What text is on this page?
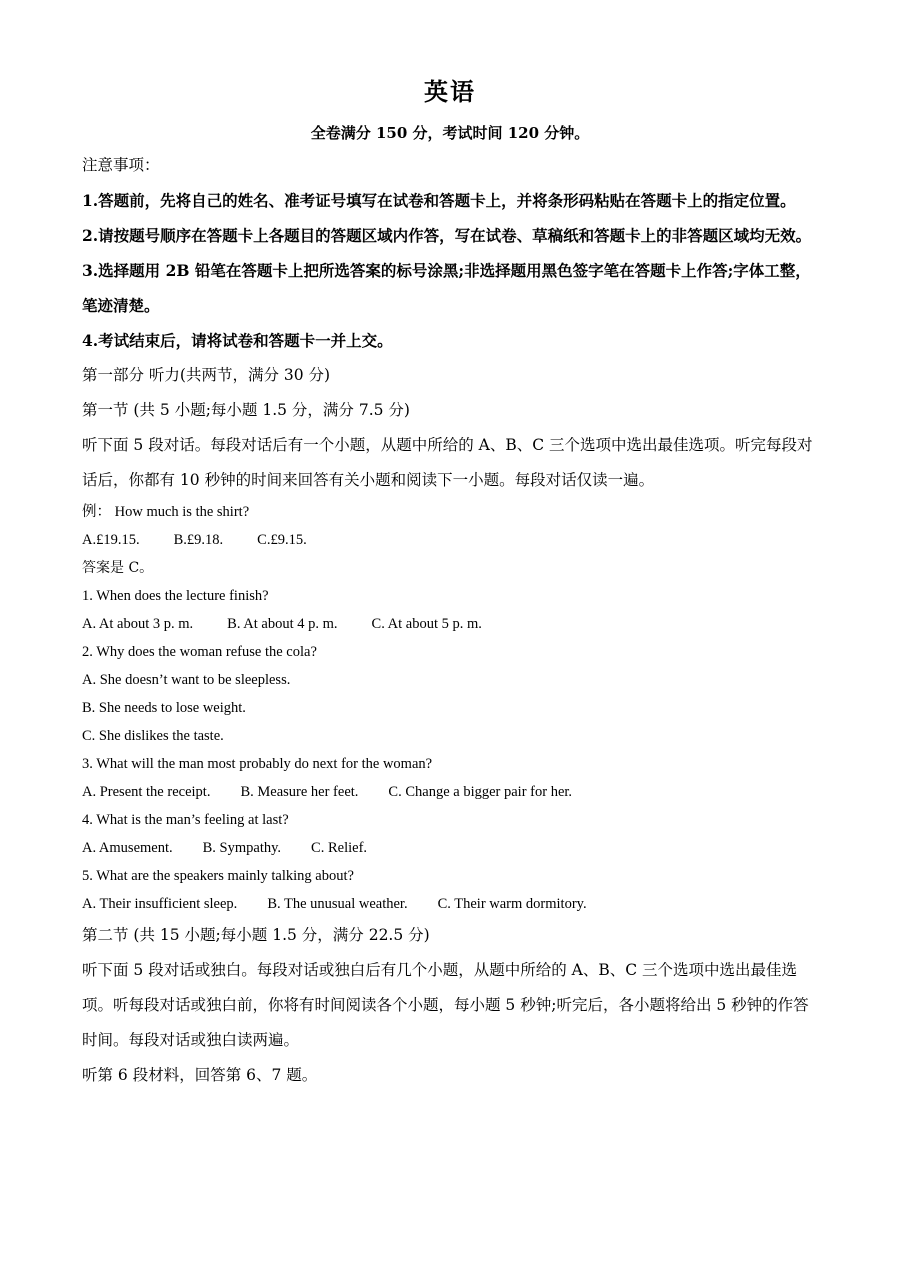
英语
全卷满分 150 分，考试时间 120 分钟。
注意事项：

1.答题前，先将自己的姓名、准考证号填写在试卷和答题卡上，并将条形码粘贴在答题卡上的指定位置。

2.请按题号顺序在答题卡上各题目的答题区域内作答，写在试卷、草稿纸和答题卡上的非答题区域均无效。

3.选择题用 2B 铅笔在答题卡上把所选答案的标号涂黑;非选择题用黑色签字笔在答题卡上作答;字体工整，笔迹清楚。

4.考试结束后，请将试卷和答题卡一并上交。

第一部分 听力(共两节，满分 30 分)
第一节 (共 5 小题;每小题 1.5 分，满分 7.5 分)

听下面 5 段对话。每段对话后有一个小题，从题中所给的 A、B、C 三个选项中选出最佳选项。听完每段对话后，你都有 10 秒钟的时间来回答有关小题和阅读下一小题。每段对话仅读一遍。

例： How much is the shirt?
A.£19.15. B.£9.18. C.£9.15.
答案是 C。
1. When does the lecture finish?
A. At about 3 p. m. B. At about 4 p. m. C. At about 5 p. m.
2. Why does the woman refuse the cola?
A. She doesn’t want to be sleepless.
B. She needs to lose weight.
C. She dislikes the taste.
3. What will the man most probably do next for the woman?
A. Present the receipt. B. Measure her feet. C. Change a bigger pair for her.
4. What is the man’s feeling at last?
A. Amusement. B. Sympathy. C. Relief.
5. What are the speakers mainly talking about?
A. Their insufficient sleep. B. The unusual weather. C. Their warm dormitory.
第二节 (共 15 小题;每小题 1.5 分，满分 22.5 分)

听下面 5 段对话或独白。每段对话或独白后有几个小题，从题中所给的 A、B、C 三个选项中选出最佳选项。听每段对话或独白前，你将有时间阅读各个小题，每小题 5 秒钟;听完后，各小题将给出 5 秒钟的作答时间。每段对话或独白读两遍。

听第 6 段材料，回答第 6、7 题。
